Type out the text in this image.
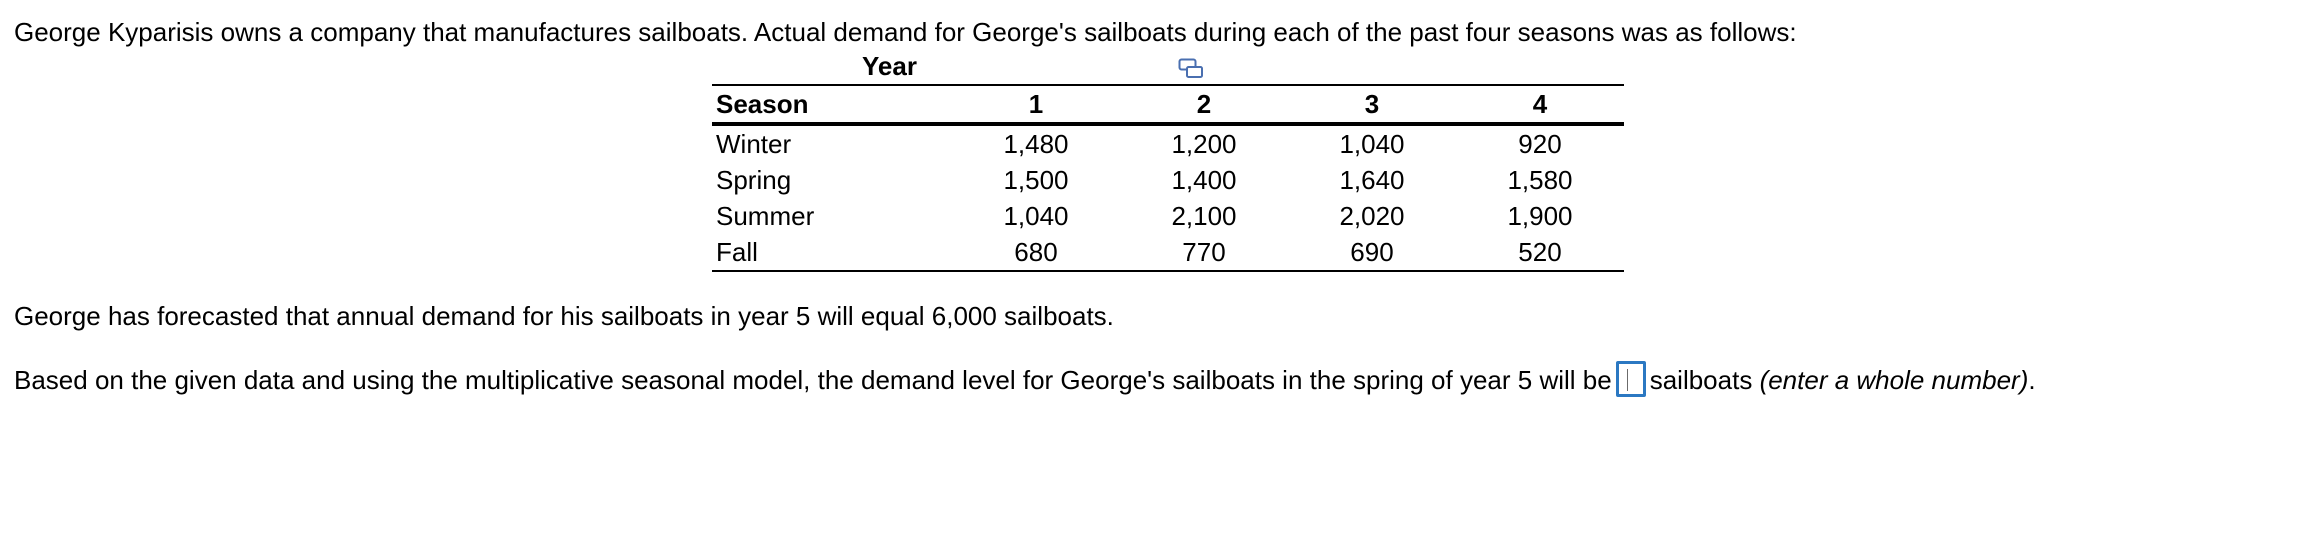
George Kyparisis owns a company that manufactures sailboats. Actual demand for George's sailboats during each of the past four seasons was as follows:
Year
Season	1	2	3	4
Winter	1,480	1,200	1,040	920
Spring	1,500	1,400	1,640	1,580
Summer	1,040	2,100	2,020	1,900
Fall	680	770	690	520
George has forecasted that annual demand for his sailboats in year 5 will equal 6,000 sailboats.
Based on the given data and using the multiplicative seasonal model, the demand level for George's sailboats in the spring of year 5 will be sailboats (enter a whole number).
